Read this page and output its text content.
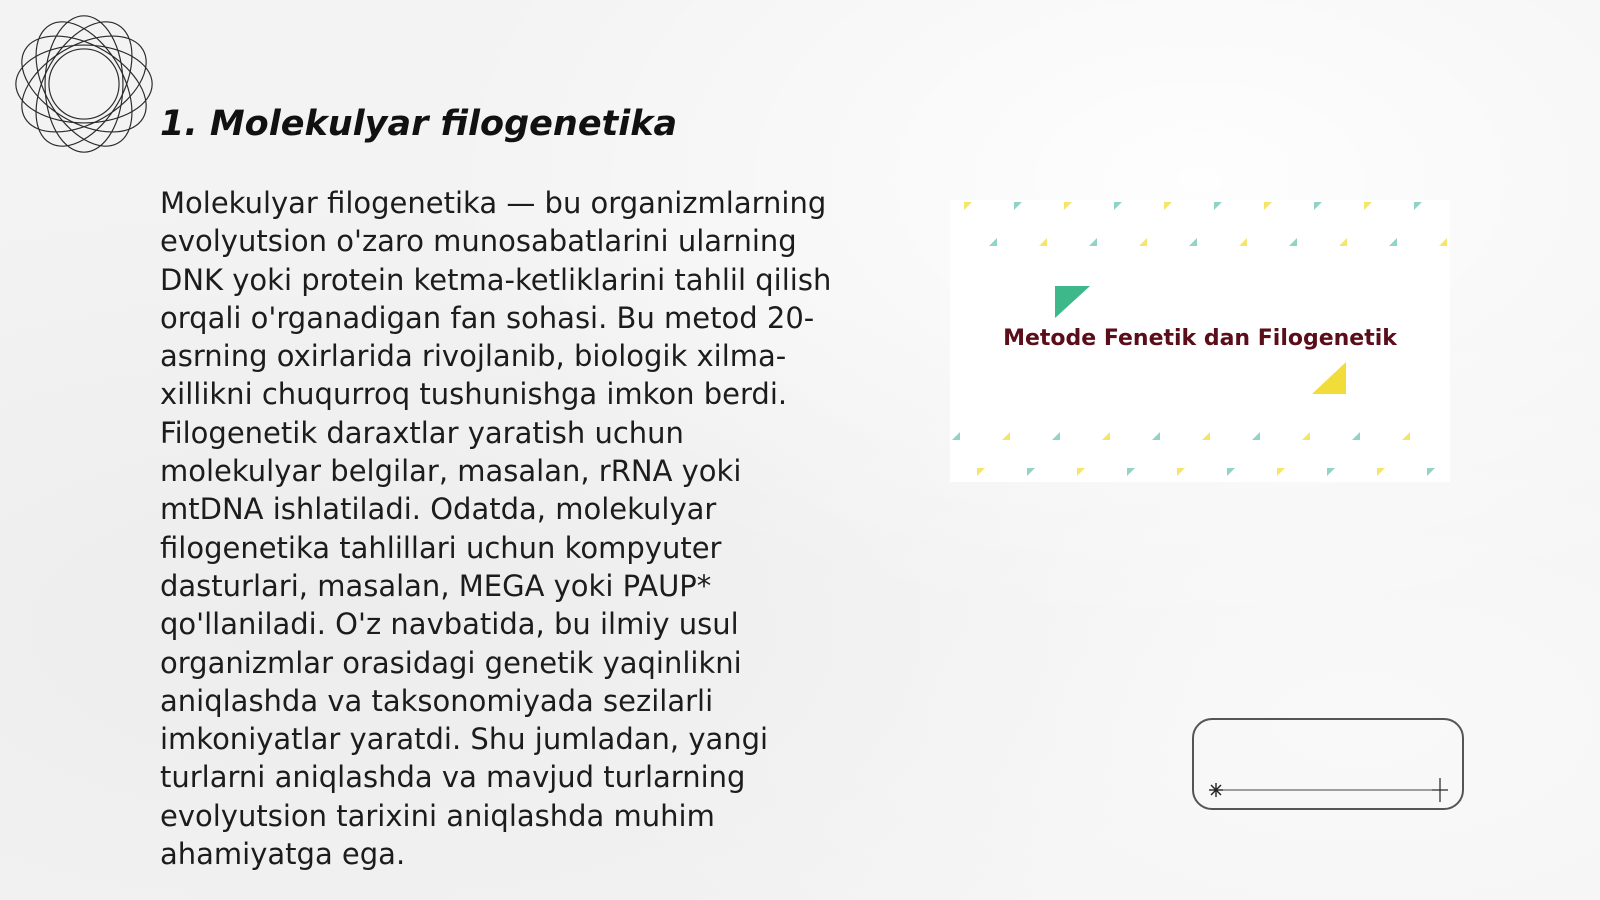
1. Molekulyar filogenetika

Molekulyar filogenetika — bu organizmlarning evolyutsion o'zaro munosabatlarini ularning DNK yoki protein ketma-ketliklarini tahlil qilish orqali o'rganadigan fan sohasi. Bu metod 20-asrning oxirlarida rivojlanib, biologik xilma-xillikni chuqurroq tushunishga imkon berdi. Filogenetik daraxtlar yaratish uchun molekulyar belgilar, masalan, rRNA yoki mtDNA ishlatiladi. Odatda, molekulyar filogenetika tahlillari uchun kompyuter dasturlari, masalan, MEGA yoki PAUP* qo'llaniladi. O'z navbatida, bu ilmiy usul organizmlar orasidagi genetik yaqinlikni aniqlashda va taksonomiyada sezilarli imkoniyatlar yaratdi. Shu jumladan, yangi turlarni aniqlashda va mavjud turlarning evolyutsion tarixini aniqlashda muhim ahamiyatga ega.

Metode Fenetik dan Filogenetik
